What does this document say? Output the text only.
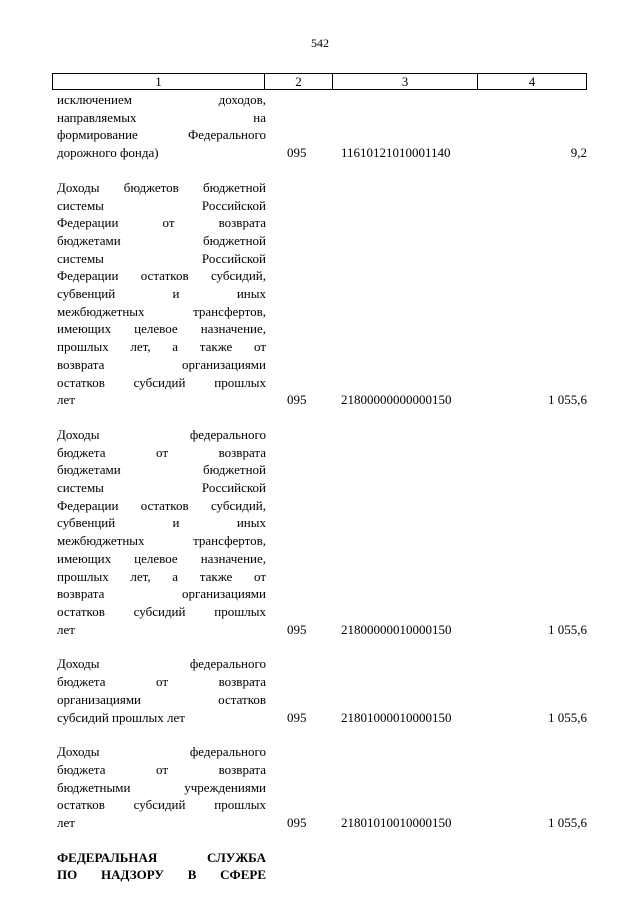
542
1	2	3	4
исключением доходов,
направляемых на
формирование Федерального
дорожного фонда)	095	11610121010001140	9,2
Доходы бюджетов бюджетной
системы Российской
Федерации от возврата
бюджетами бюджетной
системы Российской
Федерации остатков субсидий,
субвенций и иных
межбюджетных трансфертов,
имеющих целевое назначение,
прошлых лет, а также от
возврата организациями
остатков субсидий прошлых
лет	095	21800000000000150	1 055,6
Доходы федерального
бюджета от возврата
бюджетами бюджетной
системы Российской
Федерации остатков субсидий,
субвенций и иных
межбюджетных трансфертов,
имеющих целевое назначение,
прошлых лет, а также от
возврата организациями
остатков субсидий прошлых
лет	095	21800000010000150	1 055,6
Доходы федерального
бюджета от возврата
организациями остатков
субсидий прошлых лет	095	21801000010000150	1 055,6
Доходы федерального
бюджета от возврата
бюджетными учреждениями
остатков субсидий прошлых
лет	095	21801010010000150	1 055,6
ФЕДЕРАЛЬНАЯ СЛУЖБА
ПО НАДЗОРУ В СФЕРЕ
